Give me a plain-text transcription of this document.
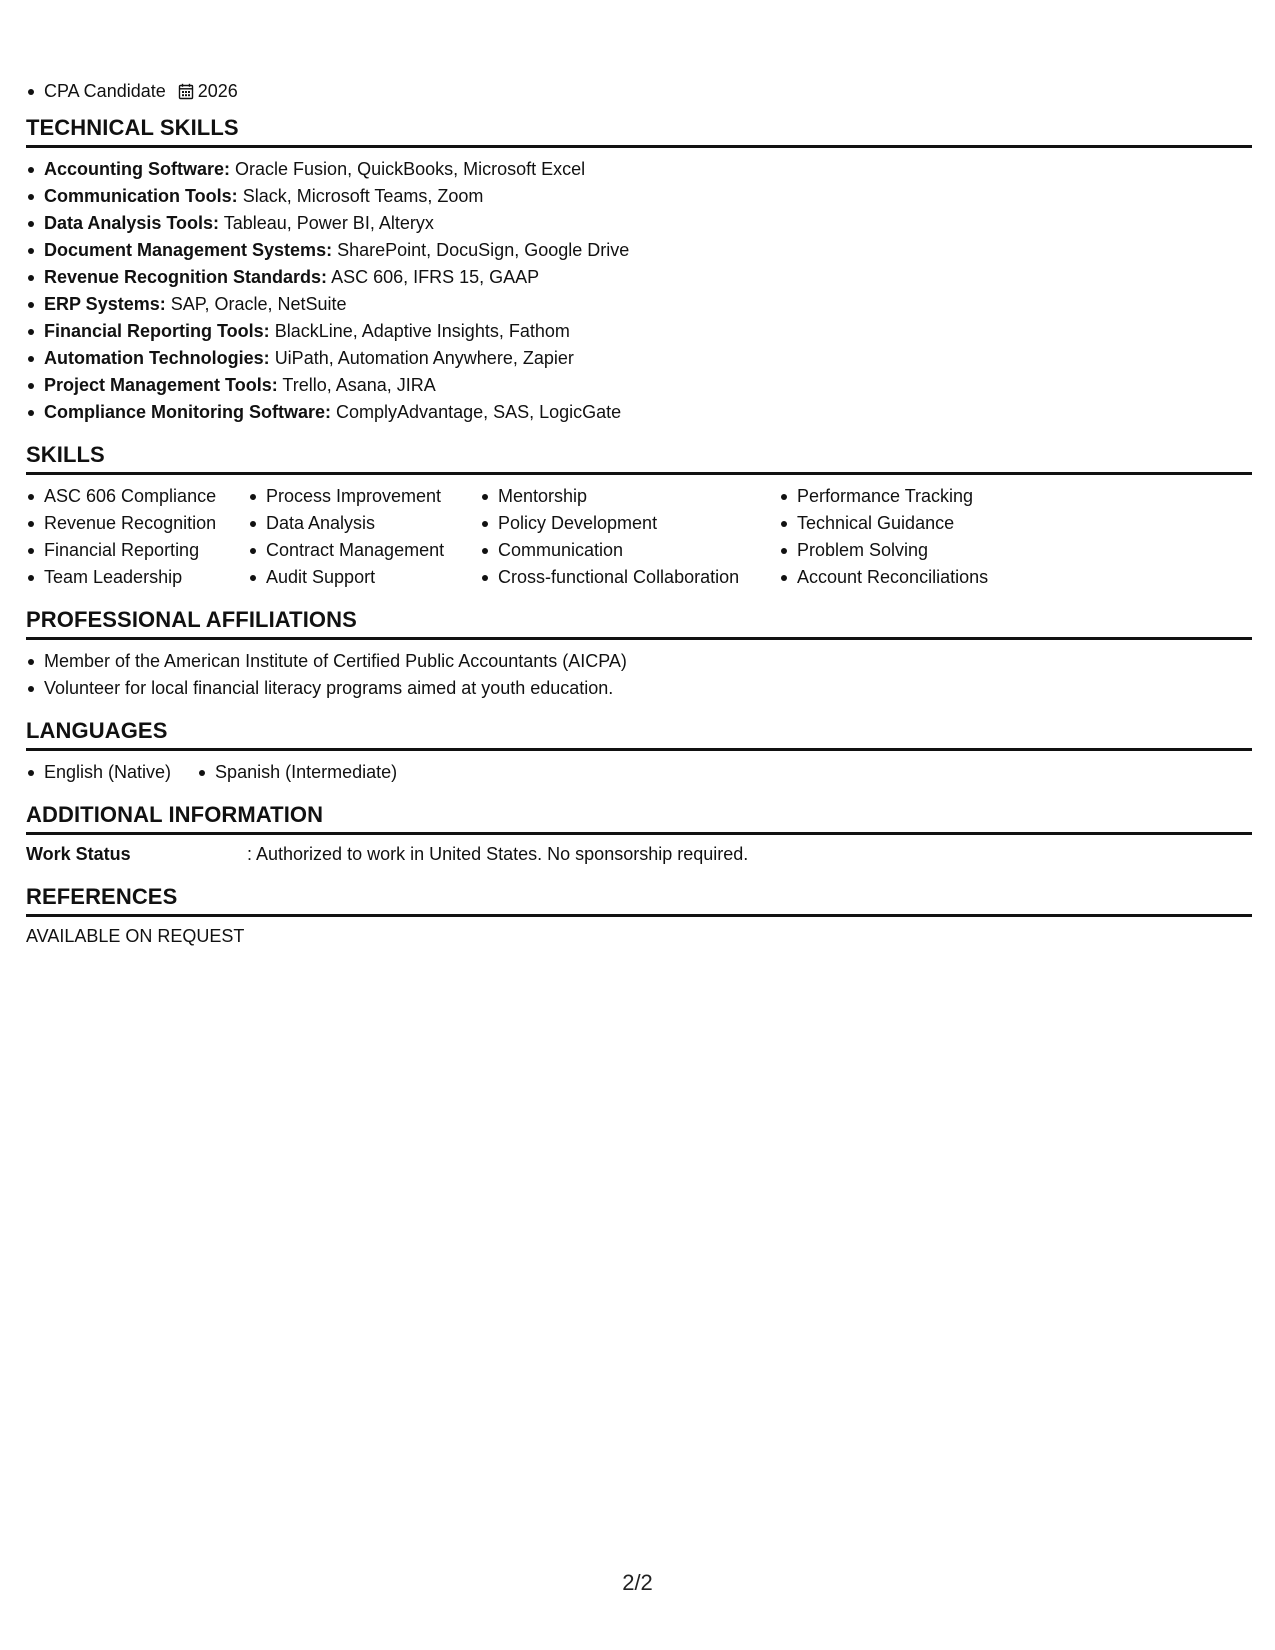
CPA Candidate 2026
TECHNICAL SKILLS
Accounting Software: Oracle Fusion, QuickBooks, Microsoft Excel
Communication Tools: Slack, Microsoft Teams, Zoom
Data Analysis Tools: Tableau, Power BI, Alteryx
Document Management Systems: SharePoint, DocuSign, Google Drive
Revenue Recognition Standards: ASC 606, IFRS 15, GAAP
ERP Systems: SAP, Oracle, NetSuite
Financial Reporting Tools: BlackLine, Adaptive Insights, Fathom
Automation Technologies: UiPath, Automation Anywhere, Zapier
Project Management Tools: Trello, Asana, JIRA
Compliance Monitoring Software: ComplyAdvantage, SAS, LogicGate
SKILLS
ASC 606 Compliance
Revenue Recognition
Financial Reporting
Team Leadership
Process Improvement
Data Analysis
Contract Management
Audit Support
Mentorship
Policy Development
Communication
Cross-functional Collaboration
Performance Tracking
Technical Guidance
Problem Solving
Account Reconciliations
PROFESSIONAL AFFILIATIONS
Member of the American Institute of Certified Public Accountants (AICPA)
Volunteer for local financial literacy programs aimed at youth education.
LANGUAGES
English (Native)	Spanish (Intermediate)
ADDITIONAL INFORMATION
Work Status	: Authorized to work in United States. No sponsorship required.
REFERENCES
AVAILABLE ON REQUEST
2/2
